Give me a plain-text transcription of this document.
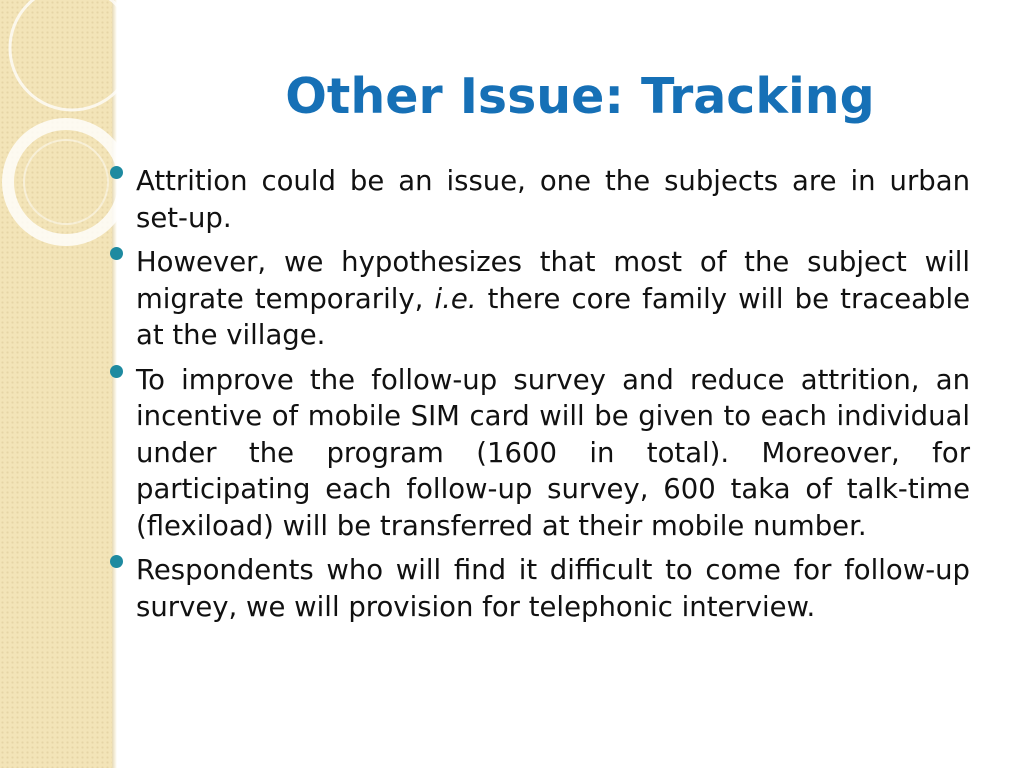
Other Issue: Tracking
Attrition could be an issue, one the subjects are in urban set-up.
However, we hypothesizes that most of the subject will migrate temporarily, i.e. there core family will be traceable at the village.
To improve the follow-up survey and reduce attrition, an incentive of mobile SIM card will be given to each individual under the program (1600 in total). Moreover, for participating each follow-up survey, 600 taka of talk-time (flexiload) will be transferred at their mobile number.
Respondents who will find it difficult to come for follow-up survey, we will provision for telephonic interview.
